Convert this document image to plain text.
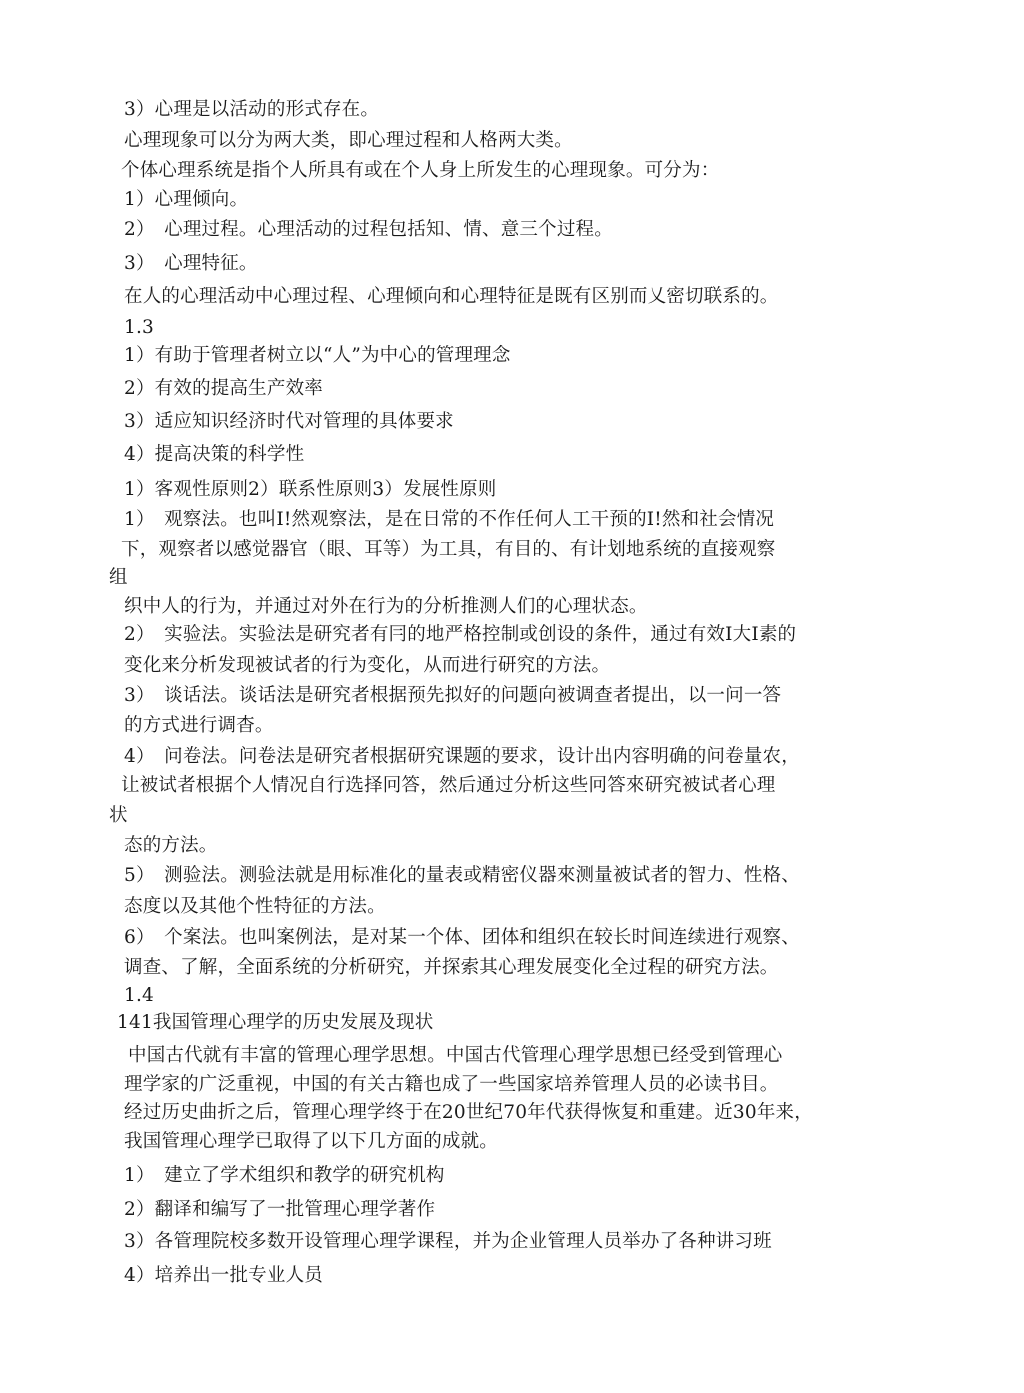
3）心理是以活动的形式存在。
心理现象可以分为两大类，即心理过程和人格两大类。
个体心理系统是指个人所具有或在个人身上所发生的心理现象。可分为：
1）心理倾向。
2）　心理过程。心理活动的过程包括知、情、意三个过程。
3）　心理特征。
在人的心理活动中心理过程、心理倾向和心理特征是既有区别而乂密切联系的。
1.3
1）有助于管理者树立以“人”为中心的管理理念
2）有效的提高生产效率
3）适应知识经济时代对管理的具体要求
4）提高决策的科学性
1）客观性原则2）联系性原则3）发展性原则
1）　观察法。也叫I!然观察法，是在日常的不作任何人工干预的I!然和社会情况
下，观察者以感觉器官（眼、耳等）为工具，有目的、有计划地系统的直接观察
组
织中人的行为，并通过对外在行为的分析推测人们的心理状态。
2）　实验法。实验法是研究者有冃的地严格控制或创设的条件，通过有效I大I素的
变化来分析发现被试者的行为变化，从而进行研究的方法。
3）　谈话法。谈话法是研究者根据预先拟好的问题向被调查者提出，以一问一答
的方式进行调杳。
4）　问卷法。问卷法是研究者根据研究课题的要求，设计出内容明确的问卷量农，
让被试者根据个人情况自行选择冋答，然后通过分析这些冋答來研究被试者心理
状
态的方法。
5）　测验法。测验法就是用标准化的量表或精密仪器來测量被试者的智力、性格、
态度以及其他个性特征的方法。
6）　个案法。也叫案例法，是对某一个体、团体和组织在较长时间连续进行观察、
调查、了解，全面系统的分析研究，并探索其心理发展变化全过程的研究方法。
1.4
141我国管理心理学的历史发展及现状
中国古代就有丰富的管理心理学思想。中国古代管理心理学思想已经受到管理心
理学家的广泛重视，中国的有关古籍也成了一些国家培养管理人员的必读书目。
经过历史曲折之后，管理心理学终于在20世纪70年代获得恢复和重建。近30年来，
我国管理心理学已取得了以下几方面的成就。
1）　建立了学术组织和教学的研究机构
2）翻译和编写了一批管理心理学著作
3）各管理院校多数开设管理心理学课程，并为企业管理人员举办了各种讲习班
4）培养出一批专业人员
